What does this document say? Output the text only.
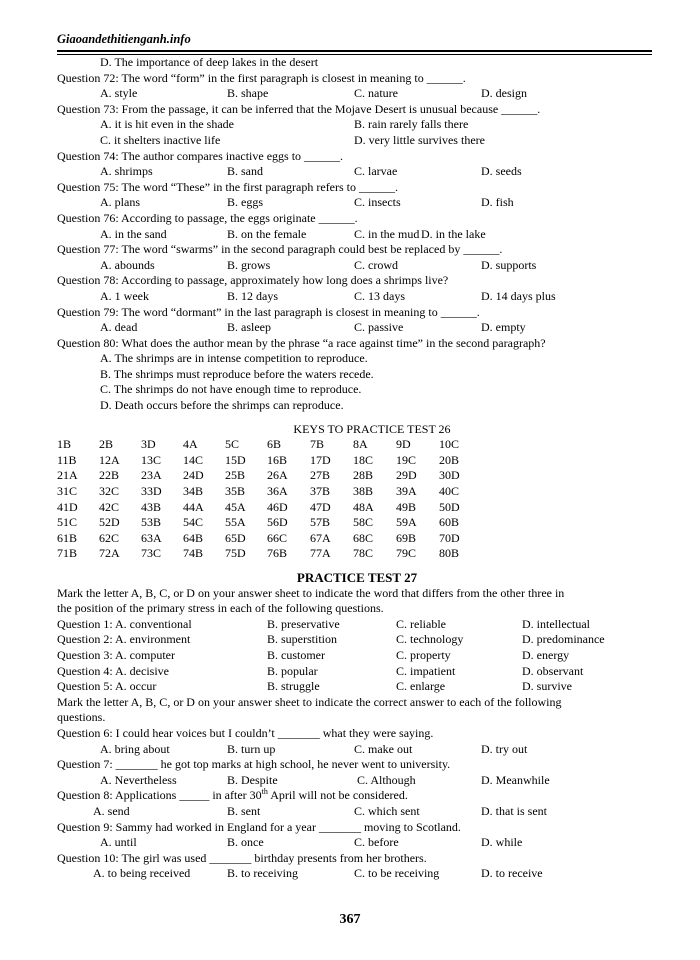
Giaoandethitienganh.info
D. The importance of deep lakes in the desert
Question 72: The word “form” in the first paragraph is closest in meaning to ______.
A. style	B. shape	C. nature	D. design
Question 73: From the passage, it can be inferred that the Mojave Desert is unusual because ______.
A. it is hit even in the shade	B. rain rarely falls there
C. it shelters inactive life	D. very little survives there
Question 74: The author compares inactive eggs to ______.
A. shrimps	B. sand	C. larvae	D. seeds
Question 75: The word “These” in the first paragraph refers to ______.
A. plans	B. eggs	C. insects	D. fish
Question 76: According to passage, the eggs originate ______.
A. in the sand	B. on the female	C. in the mud D. in the lake
Question 77: The word “swarms” in the second paragraph could best be replaced by ______.
A. abounds	B. grows	C. crowd	D. supports
Question 78: According to passage, approximately how long does a shrimps live?
A. 1 week	B. 12 days	C. 13 days	D. 14 days plus
Question 79: The word “dormant” in the last paragraph is closest in meaning to ______.
A. dead	B. asleep	C. passive	D. empty
Question 80: What does the author mean by the phrase “a race against time” in the second paragraph?
A. The shrimps are in intense competition to reproduce.
B. The shrimps must reproduce before the waters recede.
C. The shrimps do not have enough time to reproduce.
D. Death occurs before the shrimps can reproduce.
KEYS TO PRACTICE TEST 26
1B 2B 3D 4A 5C 6B 7B 8A 9D 10C
11B 12A 13C 14C 15D 16B 17D 18C 19C 20B
21A 22B 23A 24D 25B 26A 27B 28B 29D 30D
31C 32C 33D 34B 35B 36A 37B 38B 39A 40C
41D 42C 43B 44A 45A 46D 47D 48A 49B 50D
51C 52D 53B 54C 55A 56D 57B 58C 59A 60B
61B 62C 63A 64B 65D 66C 67A 68C 69B 70D
71B 72A 73C 74B 75D 76B 77A 78C 79C 80B
PRACTICE TEST 27
Mark the letter A, B, C, or D on your answer sheet to indicate the word that differs from the other three in
the position of the primary stress in each of the following questions.
Question 1: A. conventional	B. preservative	C. reliable	D. intellectual
Question 2: A. environment	B. superstition	C. technology	D. predominance
Question 3: A. computer	B. customer	C. property	D. energy
Question 4: A. decisive	B. popular	C. impatient	D. observant
Question 5: A. occur	B. struggle	C. enlarge	D. survive
Mark the letter A, B, C, or D on your answer sheet to indicate the correct answer to each of the following
questions.
Question 6: I could hear voices but I couldn’t _______ what they were saying.
A. bring about	B. turn up	C. make out	D. try out
Question 7: _______ he got top marks at high school, he never went to university.
A. Nevertheless	B. Despite	C. Although	D. Meanwhile
Question 8: Applications _____ in after 30th April will not be considered.
A. send	B. sent	C. which sent	D. that is sent
Question 9: Sammy had worked in England for a year _______ moving to Scotland.
A. until	B. once	C. before	D. while
Question 10: The girl was used _______ birthday presents from her brothers.
A. to being received	B. to receiving	C. to be receiving	D. to receive
367
